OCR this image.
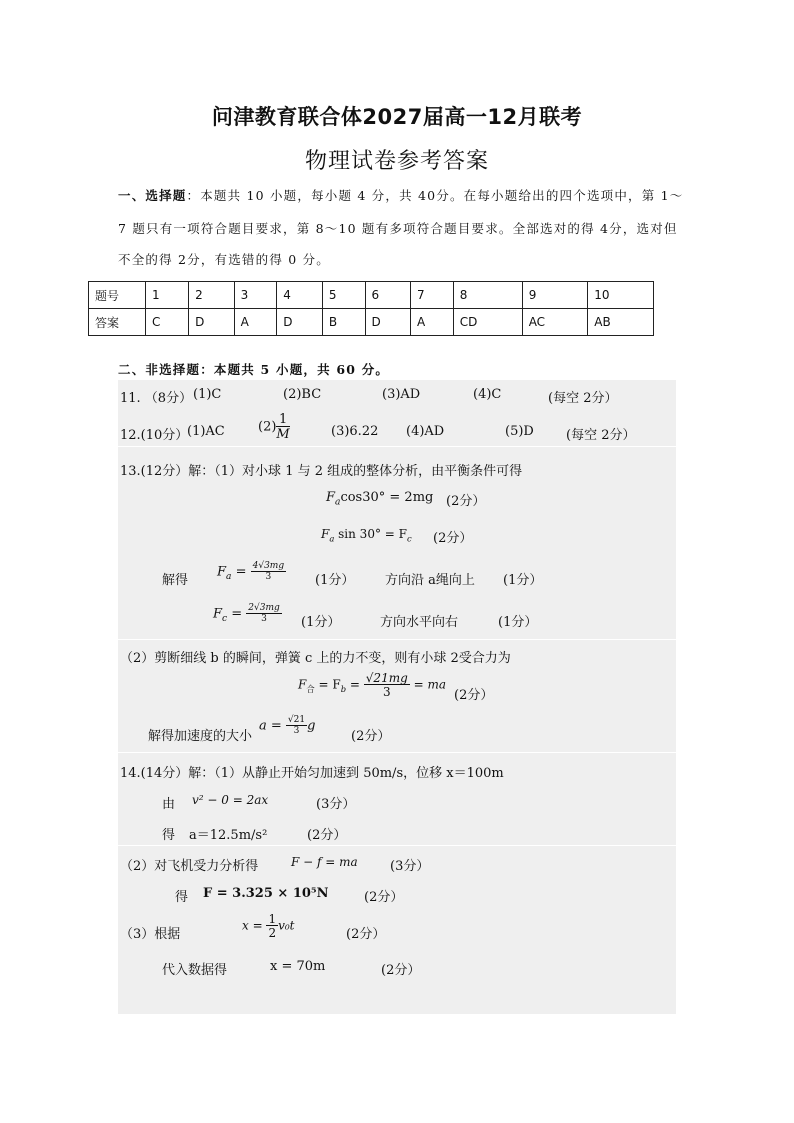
问津教育联合体2027届高一12月联考
物理试卷参考答案
一、选择题：本题共 10 小题，每小题 4 分，共 40分。在每小题给出的四个选项中，第 1～
7 题只有一项符合题目要求，第 8～10 题有多项符合题目要求。全部选对的得 4分，选对但
不全的得 2分，有选错的得 0 分。
题号	1	2	3	4	5	6	7	8	9	10
答案	C	D	A	D	B	D	A	CD	AC	AB
二、非选择题：本题共 5 小题，共 60 分。
11. （8分） (1)C	(2)BC	(3)AD	(4)C	(每空 2分）
12.(10分）
(1)AC	$(2) \frac{1}{M}$	(3)6.22 (4)AD	(5)D (每空 2分）
13.(12分）解：（1）对小球 1 与 2 组成的整体分析，由平衡条件可得
$F_a\cos 30^\circ = 2mg$ (2分）
$F_a$ $\sin 30^\circ = F_c$ (2分）
解得
$F_a = \frac{4√3mg}{3} (1$分） 方向沿 a绳向上 (1分）
$F_c = \frac{2√3mg}{3} (1$分）	方向水平向右	(1分）
（2）剪断细线 b 的瞬间，弹簧 c 上的力不变，则有小球 2受合力为
$F_合 = F_b = \frac{√21mg}{3}$ = ma
(2分）
解得加速度的大小
$a = \frac{√21}{3}$ g
(2分）
14.(14分）解：（1）从静止开始匀加速到 50m/s，位移 x＝100m
由 v² − 0 = 2ax	(3分）
得 a＝12.5m/s²	(2分）
（2）对飞机受力分析得	F − f = ma (3分）
得 F = 3.325 × 10⁵N	(2分）
（3）根据
$x = \frac{1}{2} v_0t$
(2分）
代入数据得	x = 70m	(2分）
